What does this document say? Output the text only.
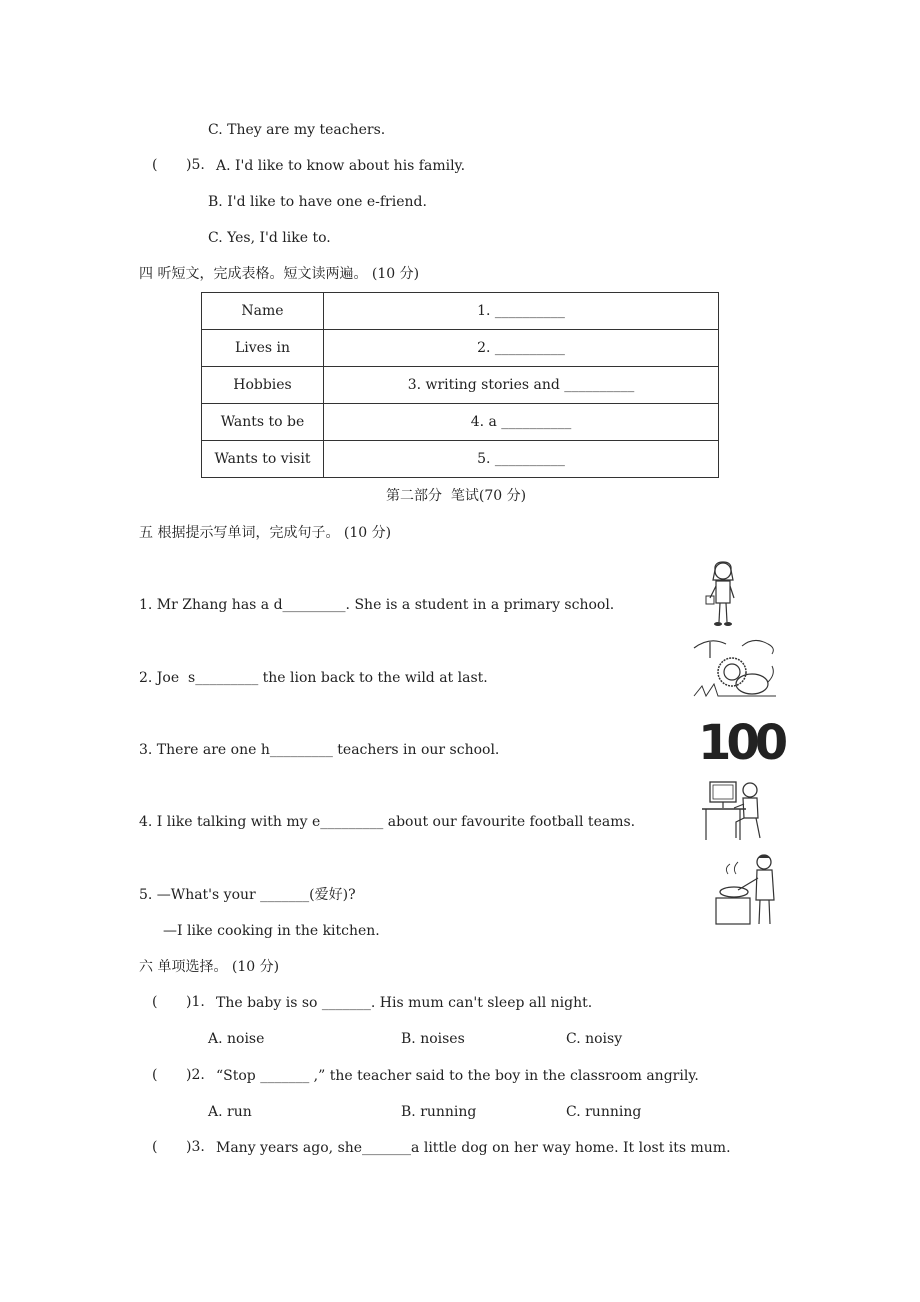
C. They are my teachers.
( )5. A. I'd like to know about his family.
B. I'd like to have one e-friend.
C. Yes, I'd like to.
四 听短文，完成表格。短文读两遍。 (10 分)
Name	1. __________
Lives in	2. __________
Hobbies	3. writing stories and __________
Wants to be	4. a __________
Wants to visit	5. __________
第二部分  笔试(70 分)
五 根据提示写单词，完成句子。 (10 分)
1. Mr Zhang has a d_________. She is a student in a primary school.
2. Joe  s_________ the lion back to the wild at last.
3. There are one h_________ teachers in our school.
4. I like talking with my e_________ about our favourite football teams.
5. —What's your _______(爱好)?
—I like cooking in the kitchen.
100
六 单项选择。 (10 分)
( )1. The baby is so _______. His mum can't sleep all night.
A. noise	B. noises	C. noisy
( )2. “Stop _______ ,” the teacher said to the boy in the classroom angrily.
A. run	B. running	C. running
( )3. Many years ago, she_______a little dog on her way home. It lost its mum.
